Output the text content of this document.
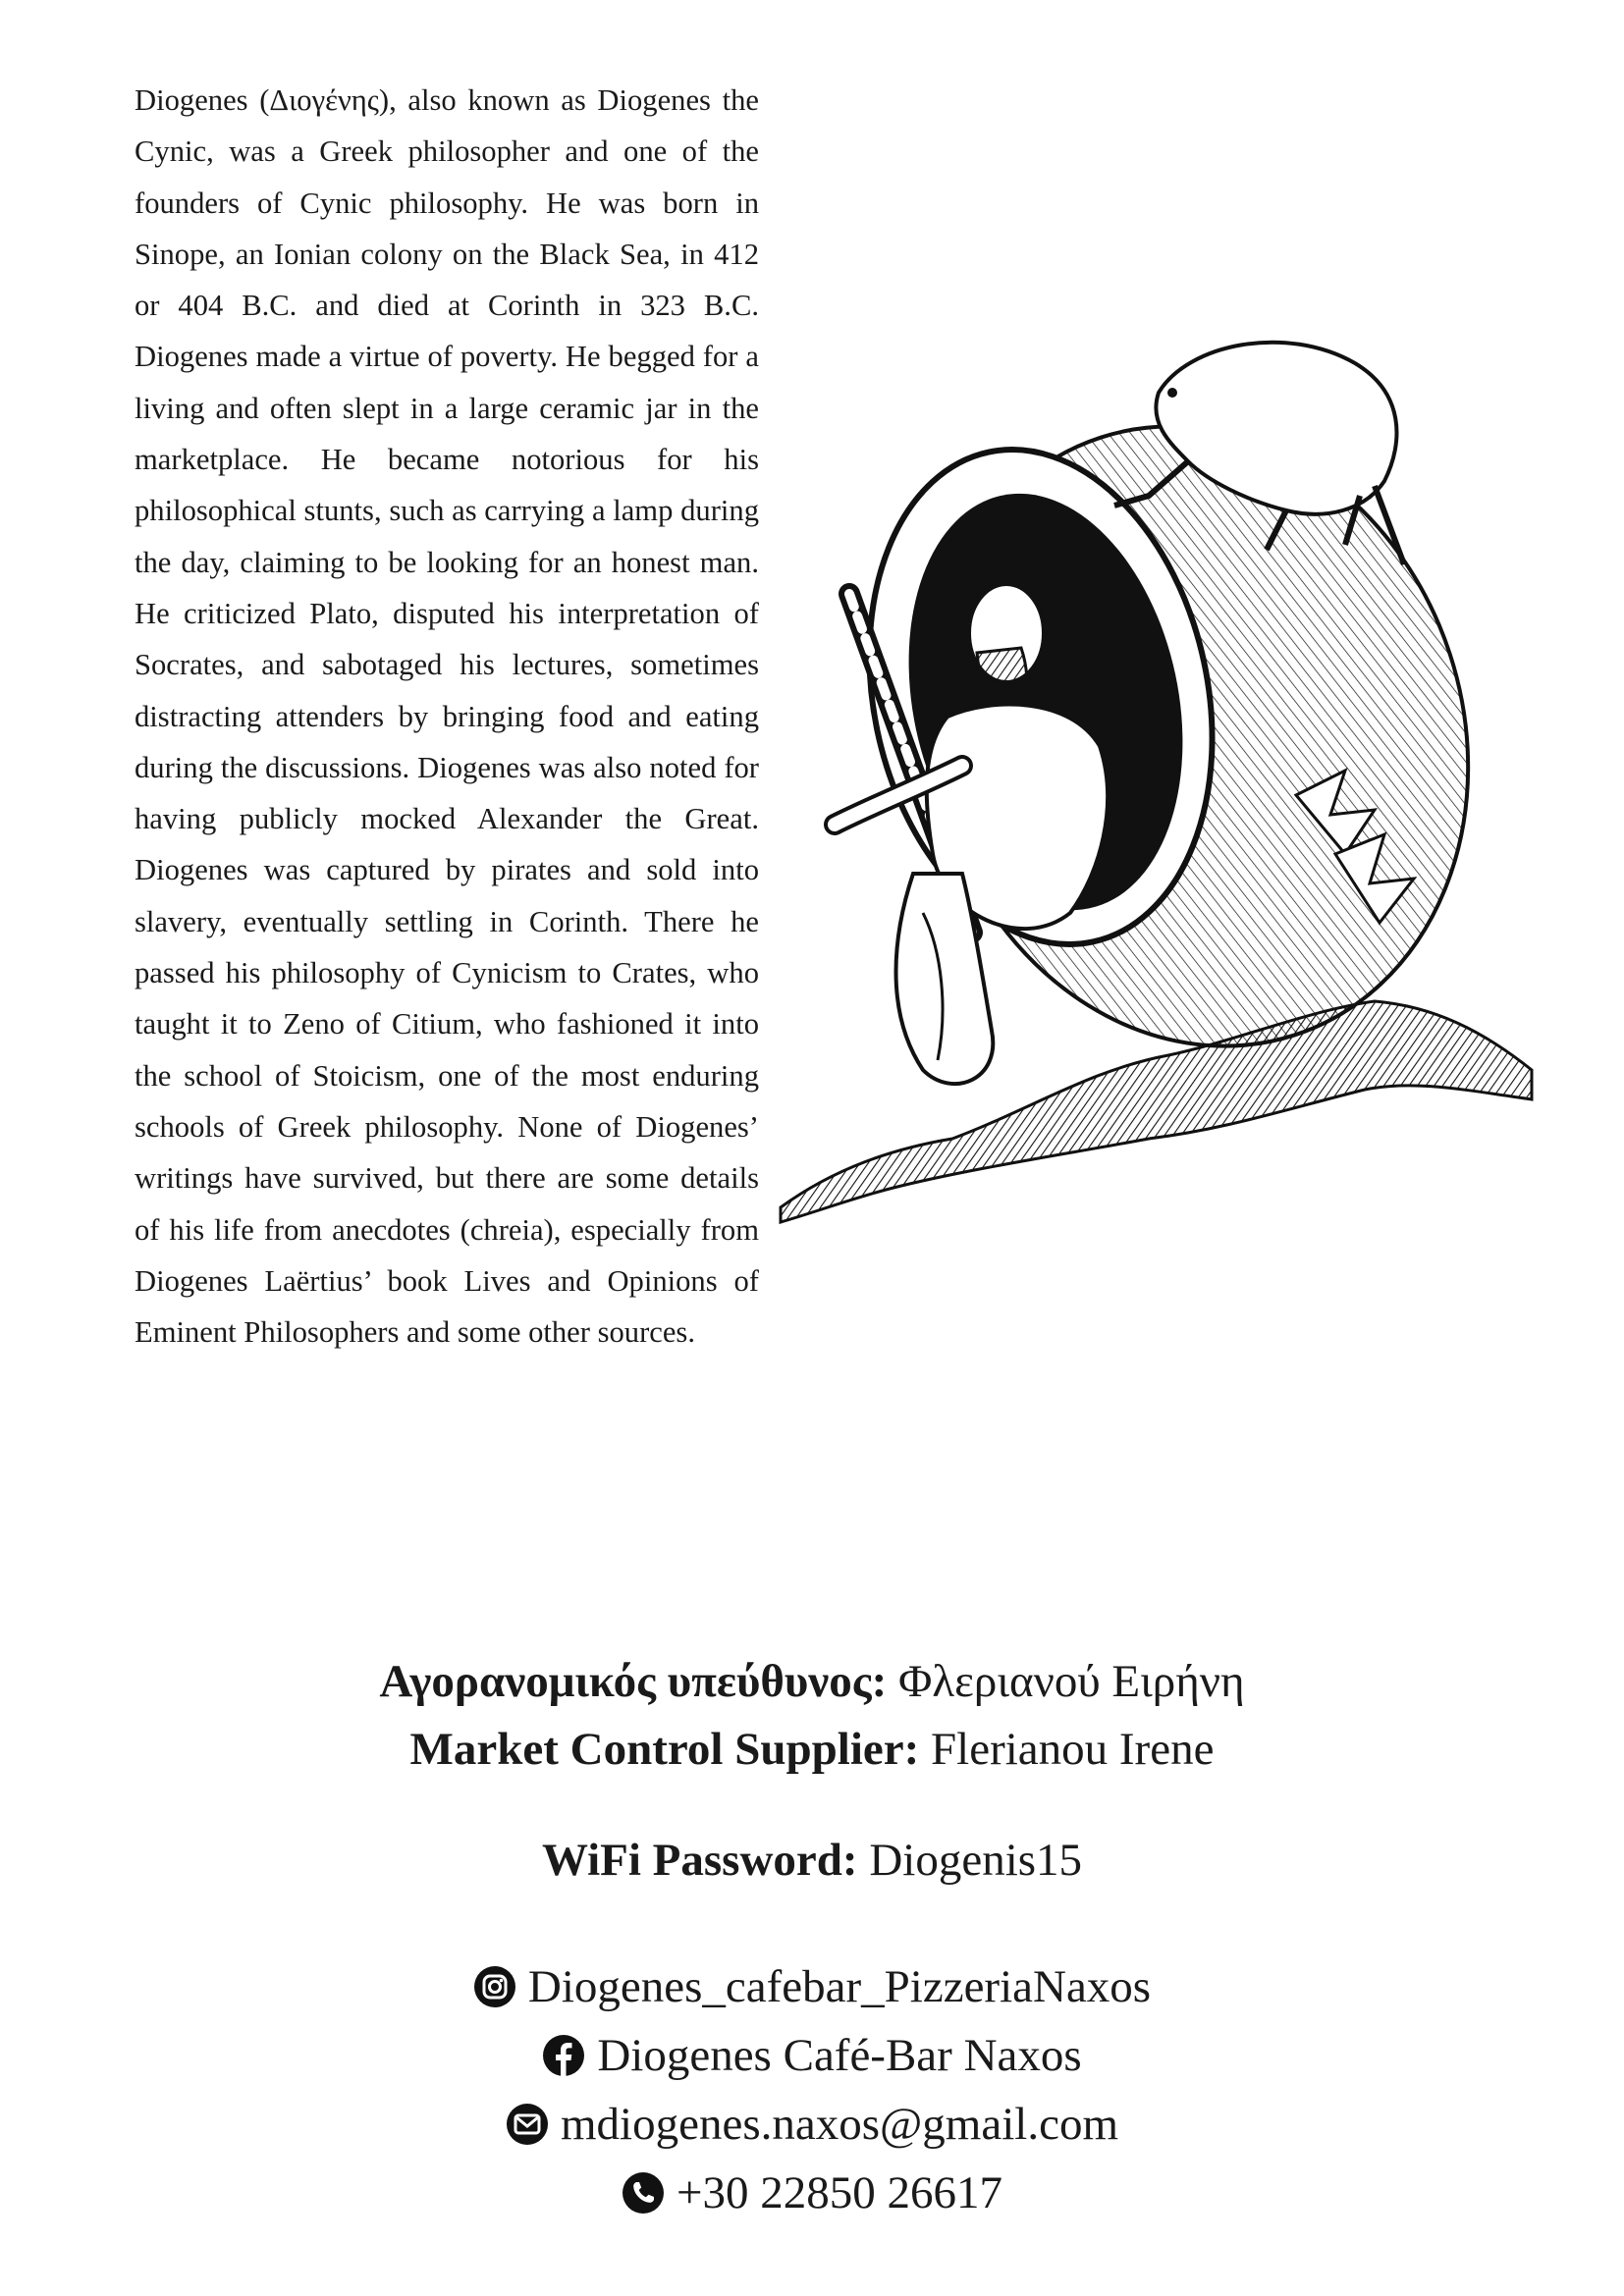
Diogenes (Διογένης), also known as Diogenes the Cynic, was a Greek philosopher and one of the founders of Cynic philosophy. He was born in Sinope, an Ionian colony on the Black Sea, in 412 or 404 B.C. and died at Corinth in 323 B.C. Diogenes made a virtue of poverty. He begged for a living and often slept in a large ceramic jar in the marketplace. He became notorious for his philosophical stunts, such as carrying a lamp during the day, claiming to be looking for an honest man. He criticized Plato, disputed his interpretation of Socrates, and sabotaged his lectures, sometimes distracting attenders by bringing food and eating during the discussions. Diogenes was also noted for having publicly mocked Alexander the Great. Diogenes was captured by pirates and sold into slavery, eventually settling in Corinth. There he passed his philosophy of Cynicism to Crates, who taught it to Zeno of Citium, who fashioned it into the school of Stoicism, one of the most enduring schools of Greek philosophy. None of Diogenes’ writings have survived, but there are some details of his life from anecdotes (chreia), especially from Diogenes Laërtius’ book Lives and Opinions of Eminent Philosophers and some other sources.

Αγορανομικός υπεύθυνος: Φλεριανού Ειρήνη
Market Control Supplier: Flerianou Irene
WiFi Password: Diogenis15
Diogenes_cafebar_PizzeriaNaxos
Diogenes Café-Bar Naxos
mdiogenes.naxos@gmail.com
+30 22850 26617
